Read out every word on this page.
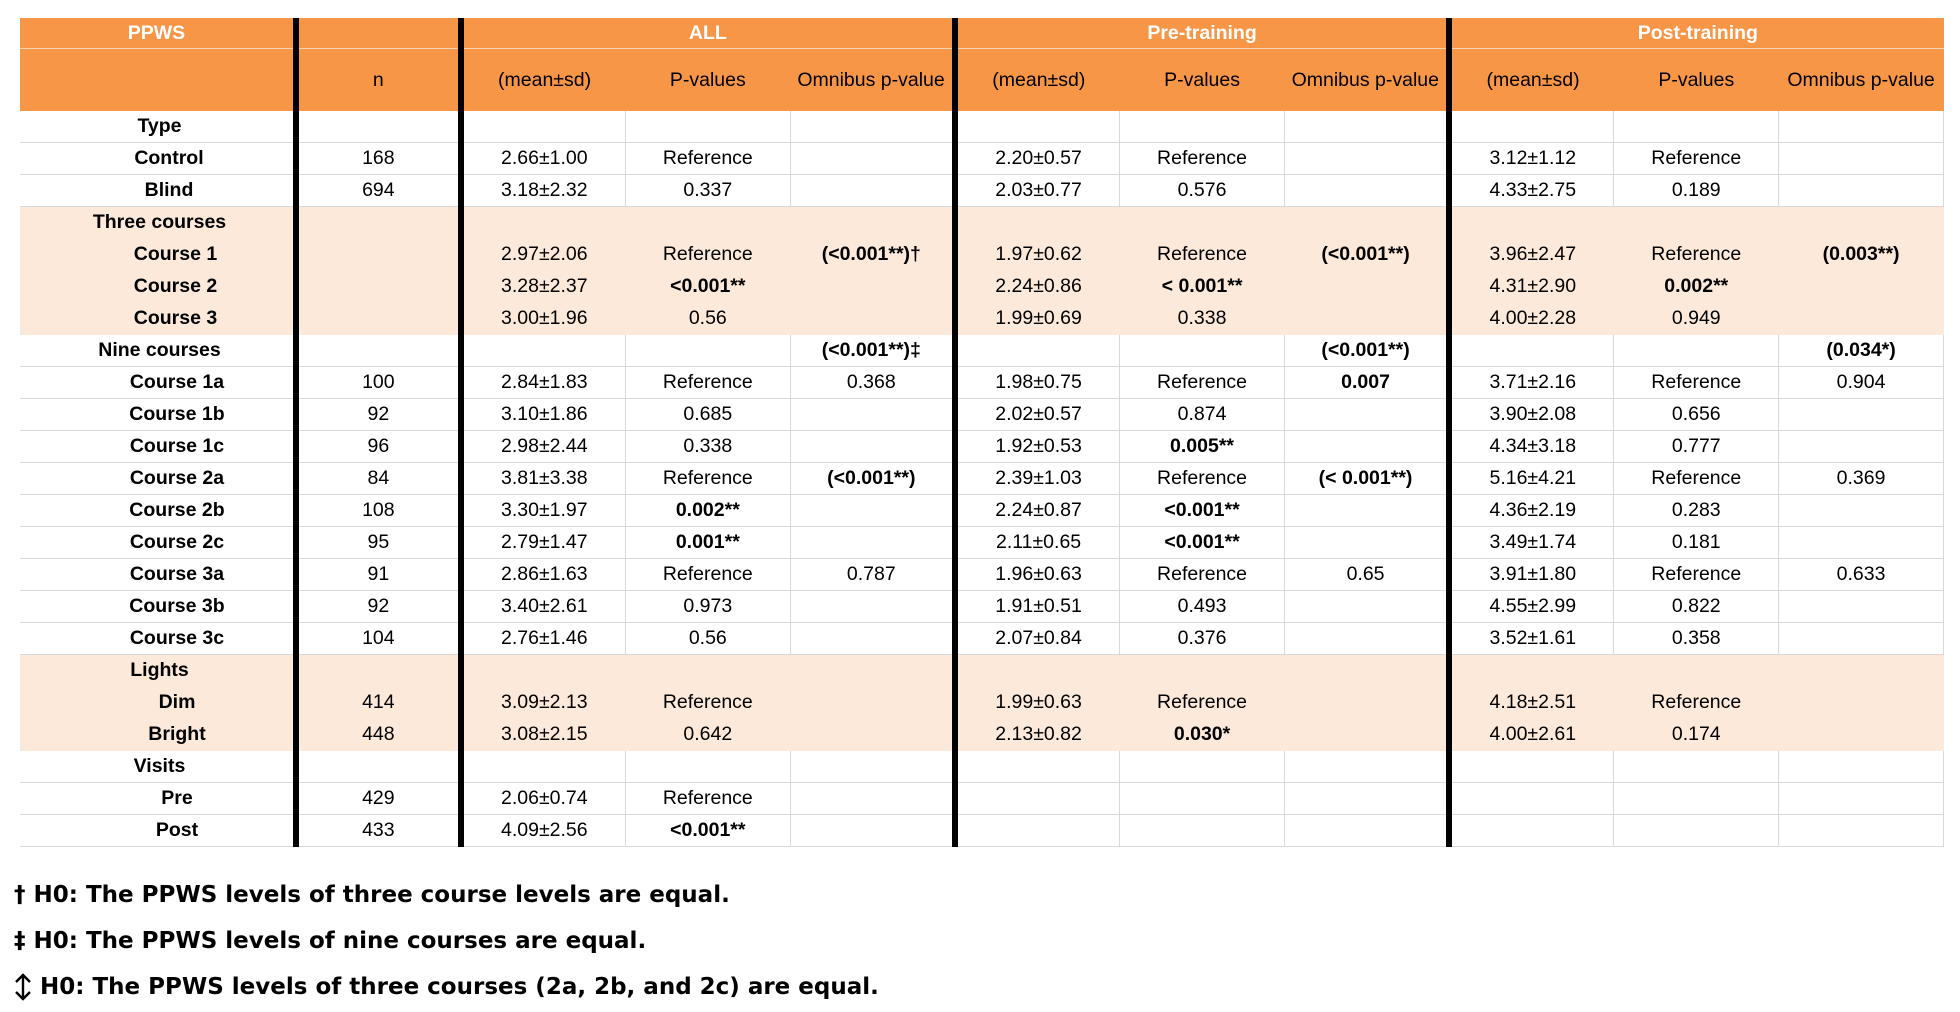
PPWS		ALL			Pre-training			Post-training		
	n	(mean±sd)	P-values	Omnibus p-value	(mean±sd)	P-values	Omnibus p-value	(mean±sd)	P-values	Omnibus p-value
Type										
Control	168	2.66±1.00	Reference		2.20±0.57	Reference		3.12±1.12	Reference	
Blind	694	3.18±2.32	0.337		2.03±0.77	0.576		4.33±2.75	0.189	
Three courses										
Course 1		2.97±2.06	Reference	(<0.001**)†	1.97±0.62	Reference	(<0.001**)	3.96±2.47	Reference	(0.003**)
Course 2		3.28±2.37	<0.001**		2.24±0.86	< 0.001**		4.31±2.90	0.002**	
Course 3		3.00±1.96	0.56		1.99±0.69	0.338		4.00±2.28	0.949	
Nine courses				(<0.001**)‡			(<0.001**)			(0.034*)
Course 1a	100	2.84±1.83	Reference	0.368	1.98±0.75	Reference	0.007	3.71±2.16	Reference	0.904
Course 1b	92	3.10±1.86	0.685		2.02±0.57	0.874		3.90±2.08	0.656	
Course 1c	96	2.98±2.44	0.338		1.92±0.53	0.005**		4.34±3.18	0.777	
Course 2a	84	3.81±3.38	Reference	(<0.001**)	2.39±1.03	Reference	(< 0.001**)	5.16±4.21	Reference	0.369
Course 2b	108	3.30±1.97	0.002**		2.24±0.87	<0.001**		4.36±2.19	0.283	
Course 2c	95	2.79±1.47	0.001**		2.11±0.65	<0.001**		3.49±1.74	0.181	
Course 3a	91	2.86±1.63	Reference	0.787	1.96±0.63	Reference	0.65	3.91±1.80	Reference	0.633
Course 3b	92	3.40±2.61	0.973		1.91±0.51	0.493		4.55±2.99	0.822	
Course 3c	104	2.76±1.46	0.56		2.07±0.84	0.376		3.52±1.61	0.358	
Lights										
Dim	414	3.09±2.13	Reference		1.99±0.63	Reference		4.18±2.51	Reference	
Bright	448	3.08±2.15	0.642		2.13±0.82	0.030*		4.00±2.61	0.174	
Visits										
Pre	429	2.06±0.74	Reference							
Post	433	4.09±2.56	<0.001**							
† H0: The PPWS levels of three course levels are equal.
‡ H0: The PPWS levels of nine courses are equal.
H0: The PPWS levels of three courses (2a, 2b, and 2c) are equal.
